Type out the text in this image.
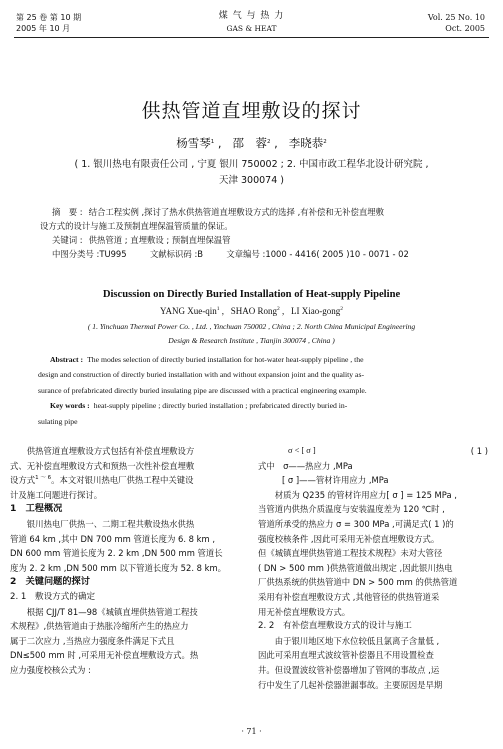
第 25 卷 第 10 期
2005 年 10 月
煤 气 与 热 力
GAS & HEAT
Vol. 25 No. 10
Oct. 2005
供热管道直埋敷设的探讨
杨雪琴$^1$ ,   邵　蓉$^2$ ,   李晓恭$^2$
( 1. 银川热电有限责任公司 , 宁夏 银川 750002 ; 2. 中国市政工程华北设计研究院 ,
天津 300074 )
摘　要 : 结合工程实例 ,探讨了热水供热管道直埋敷设方式的选择 ,有补偿和无补偿直埋敷
设方式的设计与施工及预制直埋保温管质量的保证。
关键词 : 供热管道 ; 直埋敷设 ; 预制直埋保温管
中图分类号 :TU995	文献标识码 :B	文章编号 :1000 - 4416( 2005 )10 - 0071 - 02
Discussion on Directly Buried Installation of Heat-supply Pipeline
YANG Xue-qin$^1$ ,   SHAO Rong$^2$ ,   LI Xiao-gong$^2$
( 1. Yinchuan Thermal Power Co. , Ltd. , Yinchuan 750002 , China ; 2. North China Municipal Engineering
Design & Research Institute , Tianjin 300074 , China )
Abstract : The modes selection of directly buried installation for hot-water heat-supply pipeline , the
design and construction of directly buried installation with and without expansion joint and the quality as-
surance of prefabricated directly buried insulating pipe are discussed with a practical engineering example.
Key words : heat-supply pipeline ; directly buried installation ; prefabricated directly buried in-
sulating pipe
　　供热管道直埋敷设方式包括有补偿直埋敷设方
式、无补偿直埋敷设方式和预热一次性补偿直埋敷
设方式$^{1 \sim 6}$。本文对银川热电厂供热工程中关键设
计及施工问题进行探讨。
1　工程概况
　　银川热电厂供热一、二期工程共敷设热水供热
管道 64 km ,其中 DN 700 mm 管道长度为 6. 8 km ,
DN 600 mm 管道长度为 2. 2 km ,DN 500 mm 管道长
度为 2. 2 km ,DN 500 mm 以下管道长度为 52. 8 km。
2　关键问题的探讨
2. 1　敷设方式的确定
　　根据 CJJ/T 81—98《城镇直埋供热管道工程技
术规程》,供热管道由于热胀冷缩所产生的热应力
属于二次应力 ,当热应力强度条件满足下式且
DN≤500 mm 时 ,可采用无补偿直埋敷设方式。热
应力强度校核公式为 :
σ < [ σ ]	( 1 )
式中　σ——热应力 ,MPa
[ σ ]——管材许用应力 ,MPa
　　材质为 Q235 的管材许用应力[ σ ] = 125 MPa ,
当管道内供热介质温度与安装温度差为 120 ℃时 ,
管道所承受的热应力 σ = 300 MPa ,可满足式( 1 )的
强度校核条件 ,因此可采用无补偿直埋敷设方式。
但《城镇直埋供热管道工程技术规程》未对大管径
( DN > 500 mm )供热管道做出规定 ,因此银川热电
厂供热系统的供热管道中 DN > 500 mm 的供热管道
采用有补偿直埋敷设方式 ,其他管径的供热管道采
用无补偿直埋敷设方式。
2. 2　有补偿直埋敷设方式的设计与施工
　　由于银川地区地下水位较低且氯离子含量低 ,
因此可采用直埋式波纹管补偿器且不用设置检查
井。但设置波纹管补偿器增加了管网的事故点 ,运
行中发生了几起补偿器泄漏事故。主要原因是早期
· 71 ·
